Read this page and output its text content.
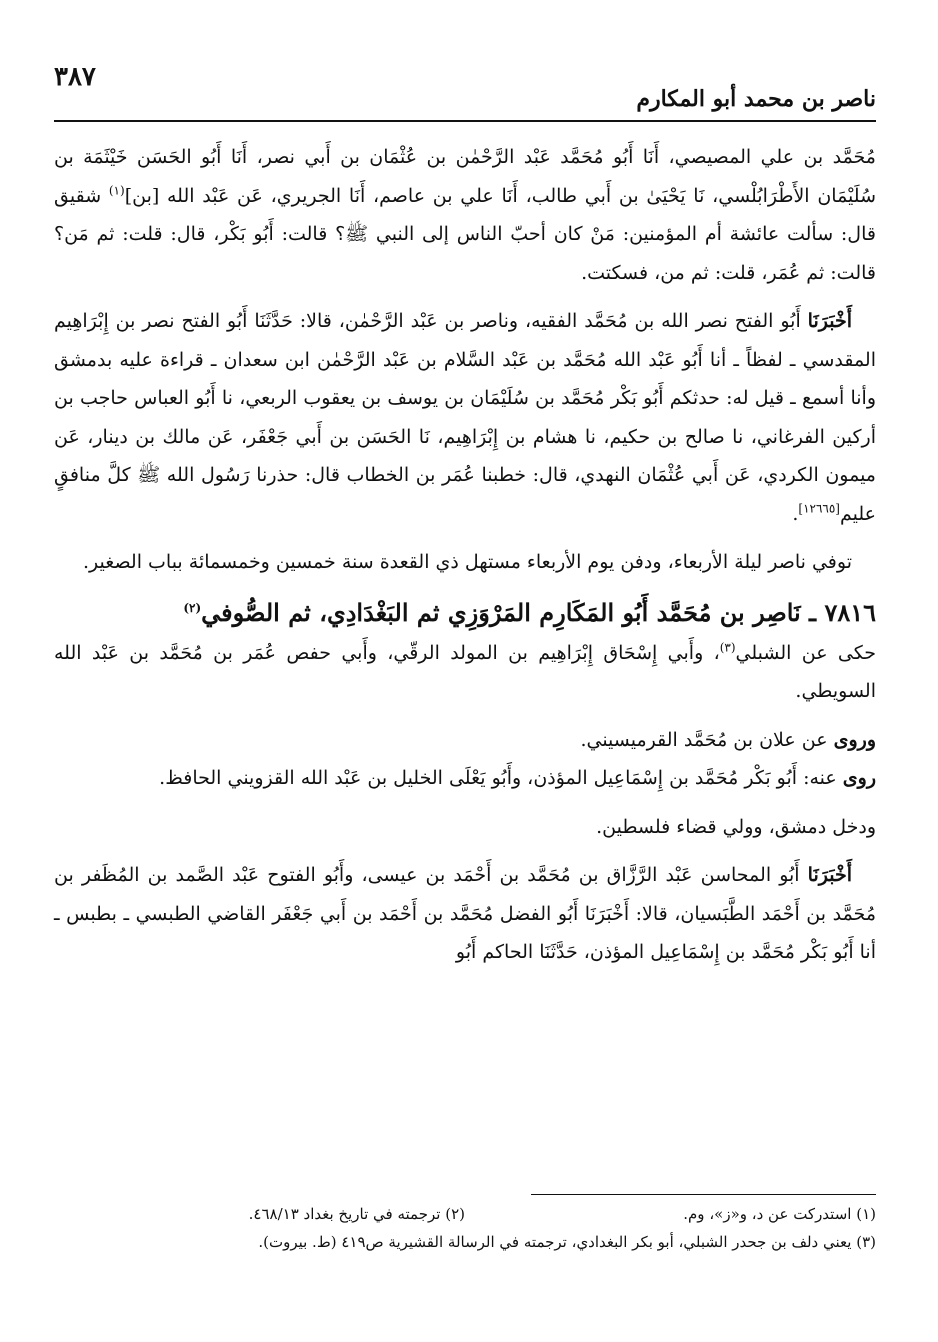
٣٨٧
ناصر بن محمد أبو المكارم

مُحَمَّد بن علي المصيصي، أَنَا أَبُو مُحَمَّد عَبْد الرَّحْمٰن بن عُثْمَان بن أَبي نصر، أَنَا أَبُو الحَسَن خَيْثَمَة بن سُلَيْمَان الأَطْرَابُلْسي، نَا يَحْيَىٰ بن أَبي طالب، أَنَا علي بن عاصم، أَنَا الجريري، عَن عَبْد الله [بن]$^{(١)}$ شقيق قال: سألت عائشة أم المؤمنين: مَنْ كان أحبّ الناس إلى النبي ﷺ؟ قالت: أَبُو بَكْر، قال: قلت: ثم مَن؟ قالت: ثم عُمَر، قلت: ثم من، فسكتت.

أَخْبَرَنَا أَبُو الفتح نصر الله بن مُحَمَّد الفقيه، وناصر بن عَبْد الرَّحْمٰن، قالا: حَدَّثَنَا أَبُو الفتح نصر بن إِبْرَاهِيم المقدسي ـ لفظاً ـ أنا أَبُو عَبْد الله مُحَمَّد بن عَبْد السَّلام بن عَبْد الرَّحْمٰن ابن سعدان ـ قراءة عليه بدمشق وأنا أسمع ـ قيل له: حدثكم أَبُو بَكْر مُحَمَّد بن سُلَيْمَان بن يوسف بن يعقوب الربعي، نا أَبُو العباس حاجب بن أركين الفرغاني، نا صالح بن حكيم، نا هشام بن إِبْرَاهِيم، نَا الحَسَن بن أَبي جَعْفَر، عَن مالك بن دينار، عَن ميمون الكردي، عَن أَبي عُثْمَان النهدي، قال: خطبنا عُمَر بن الخطاب قال: حذرنا رَسُول الله ﷺ كلَّ منافقٍ عليم[١٢٦٦٥].

توفي ناصر ليلة الأربعاء، ودفن يوم الأربعاء مستهل ذي القعدة سنة خمسين وخمسمائة بباب الصغير.

٧٨١٦ ـ نَاصِر بن مُحَمَّد أَبُو المَكَارِم المَرْوَزِي ثم البَغْدَادِي، ثم الصُّوفي$^{(٢)}$

حكى عن الشبلي$^{(٣)}$، وأَبي إِسْحَاق إِبْرَاهِيم بن المولد الرقّي، وأَبي حفص عُمَر بن مُحَمَّد بن عَبْد الله السويطي.

وروى عن علان بن مُحَمَّد القرميسيني.

روى عنه: أَبُو بَكْر مُحَمَّد بن إِسْمَاعِيل المؤذن، وأَبُو يَعْلَى الخليل بن عَبْد الله القزويني الحافظ.

ودخل دمشق، وولي قضاء فلسطين.

أَخْبَرَنَا أَبُو المحاسن عَبْد الرَّزَّاق بن مُحَمَّد بن أَحْمَد بن عيسى، وأَبُو الفتوح عَبْد الصَّمد بن المُظَفر بن مُحَمَّد بن أَحْمَد الطَّبَسيان، قالا: أَخْبَرَنَا أَبُو الفضل مُحَمَّد بن أَحْمَد بن أَبي جَعْفَر القاضي الطبسي ـ بطبس ـ أنا أَبُو بَكْر مُحَمَّد بن إِسْمَاعِيل المؤذن، حَدَّثَنَا الحاكم أَبُو

(١) استدركت عن د، و«ز»، وم.
(٢) ترجمته في تاريخ بغداد ٤٦٨/١٣.
(٣) يعني دلف بن جحدر الشبلي، أبو بكر البغدادي، ترجمته في الرسالة القشيرية ص٤١٩ (ط. بيروت).
